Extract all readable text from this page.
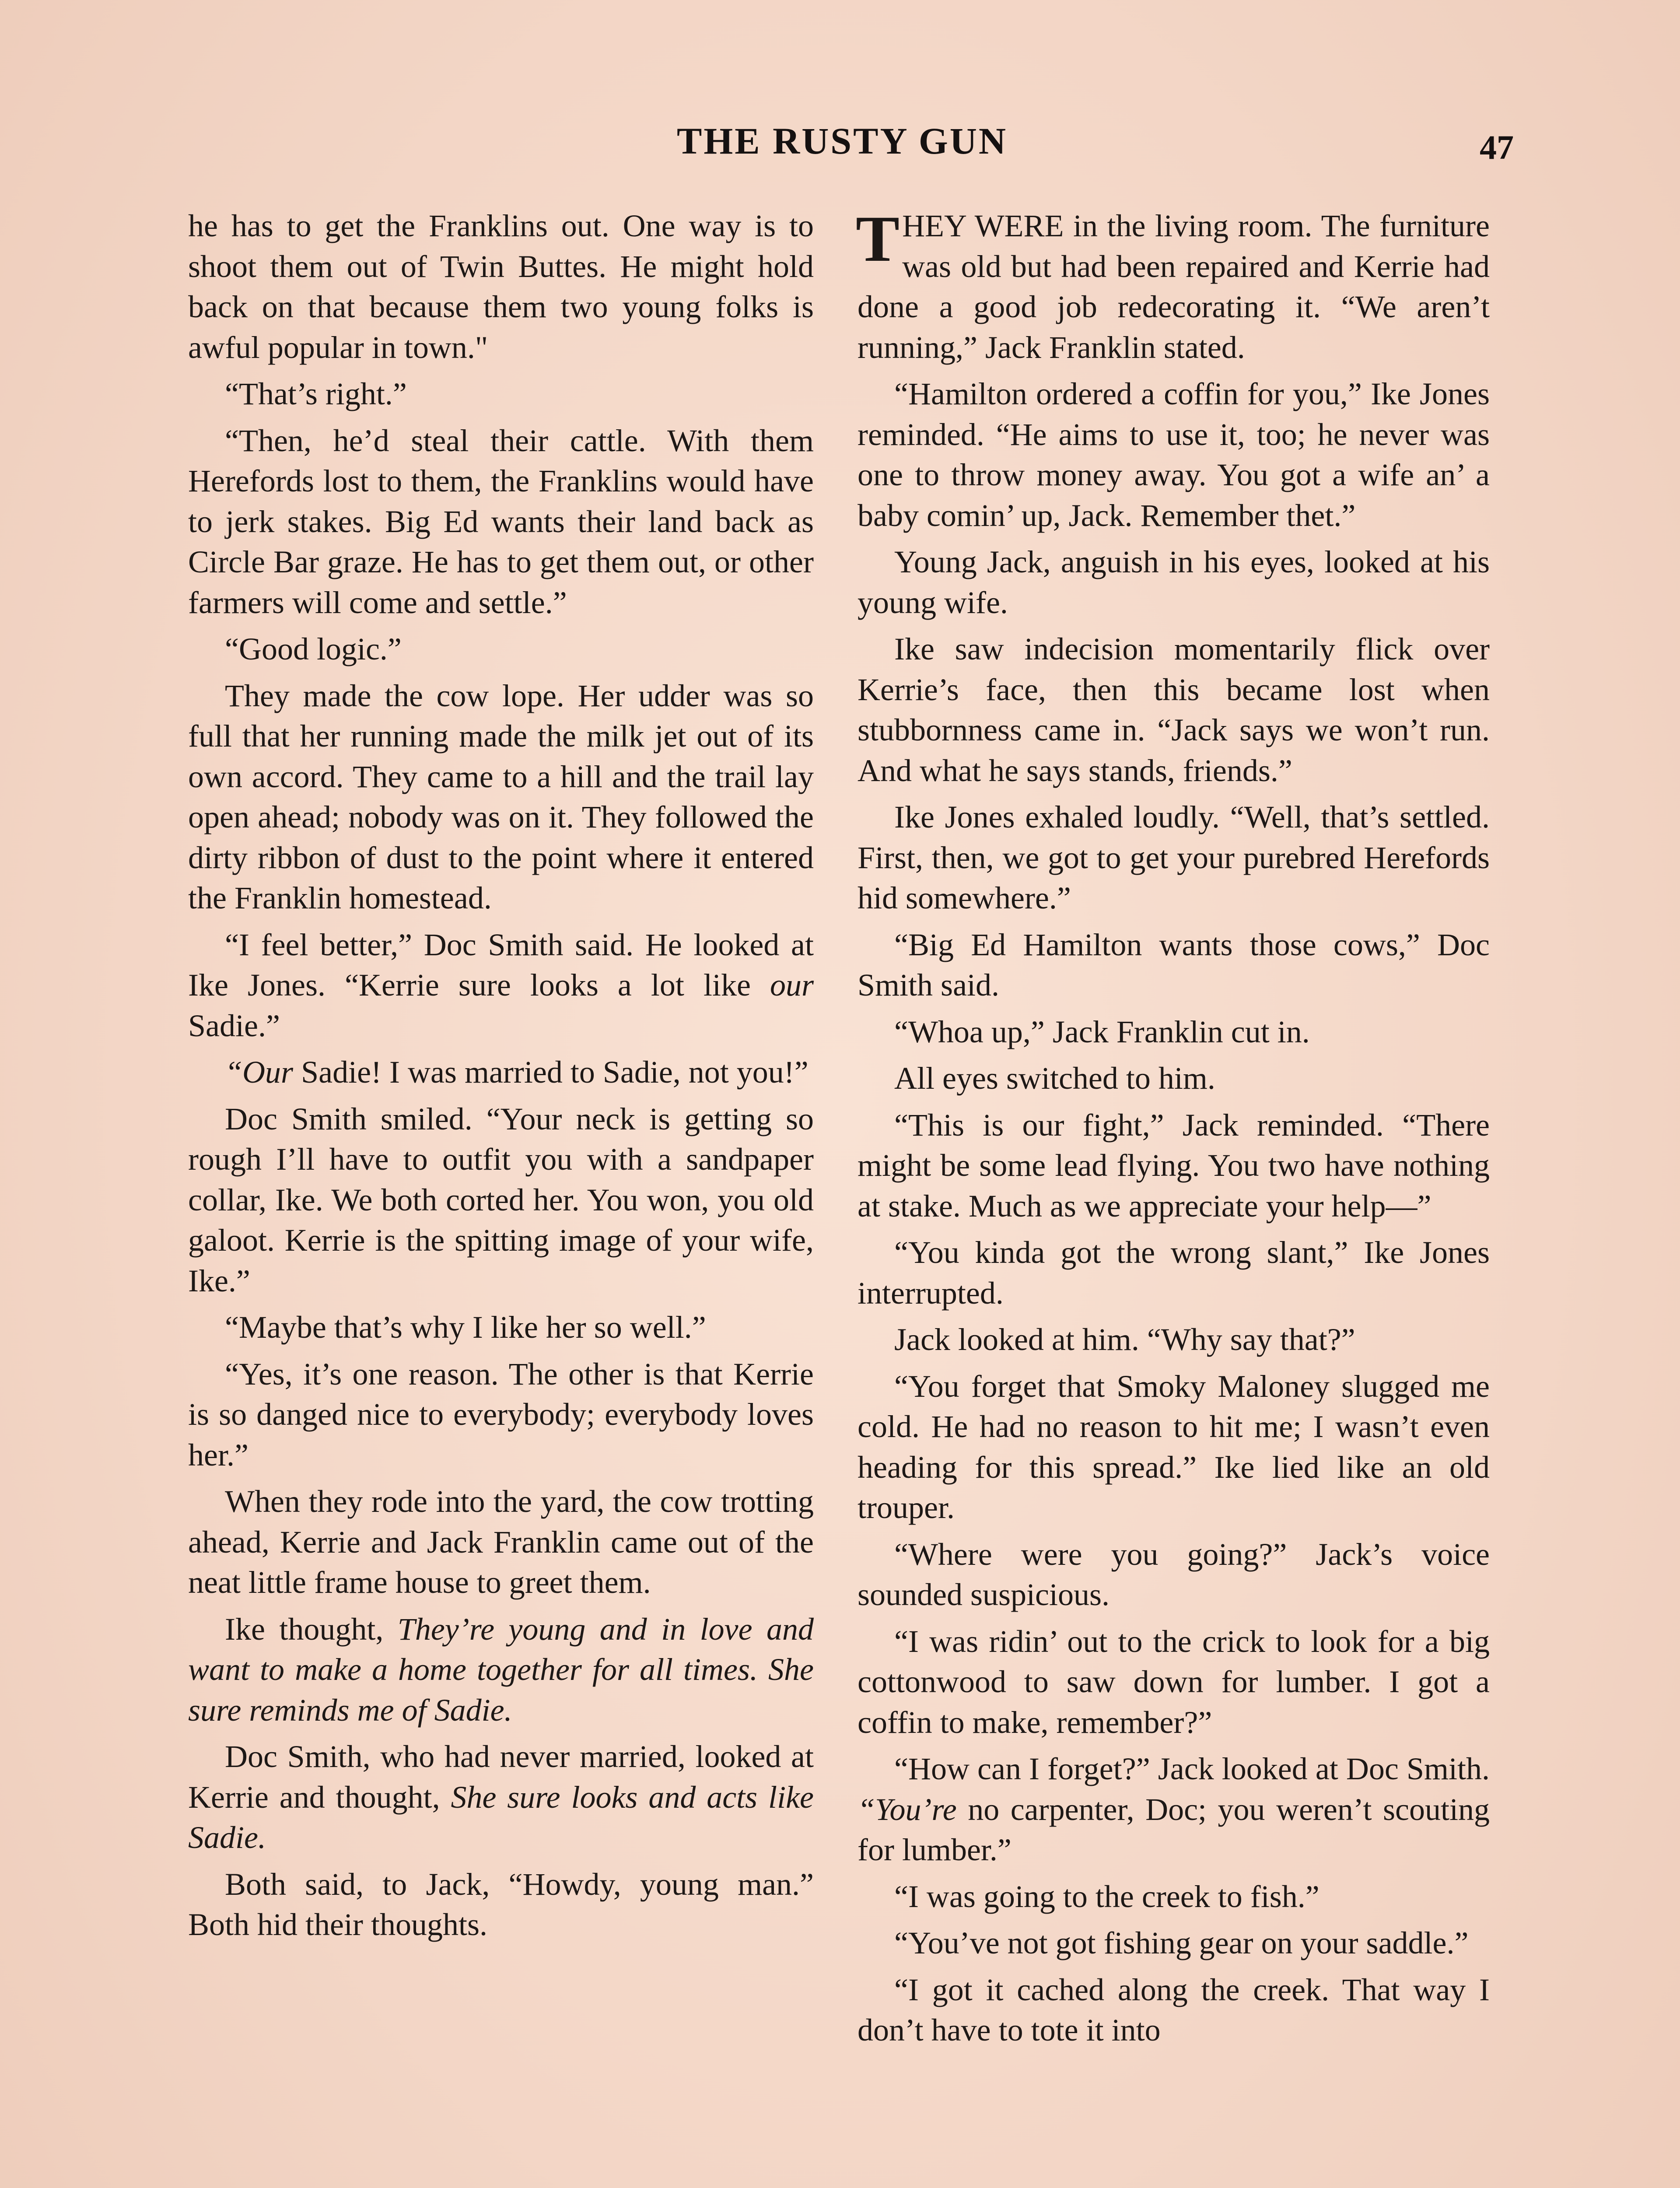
THE RUSTY GUN	47

he has to get the Franklins out. One way is to shoot them out of Twin Buttes. He might hold back on that because them two young folks is awful popular in town."

“That’s right.”

“Then, he’d steal their cattle. With them Herefords lost to them, the Franklins would have to jerk stakes. Big Ed wants their land back as Circle Bar graze. He has to get them out, or other farmers will come and settle.”

“Good logic.”

They made the cow lope. Her udder was so full that her running made the milk jet out of its own accord. They came to a hill and the trail lay open ahead; nobody was on it. They followed the dirty ribbon of dust to the point where it entered the Franklin homestead.

“I feel better,” Doc Smith said. He looked at Ike Jones. “Kerrie sure looks a lot like our Sadie.”

“Our Sadie! I was married to Sadie, not you!”

Doc Smith smiled. “Your neck is getting so rough I’ll have to outfit you with a sandpaper collar, Ike. We both corted her. You won, you old galoot. Kerrie is the spitting image of your wife, Ike.”

“Maybe that’s why I like her so well.”

“Yes, it’s one reason. The other is that Kerrie is so danged nice to everybody; everybody loves her.”

When they rode into the yard, the cow trotting ahead, Kerrie and Jack Franklin came out of the neat little frame house to greet them.

Ike thought, They’re young and in love and want to make a home together for all times. She sure reminds me of Sadie.

Doc Smith, who had never married, looked at Kerrie and thought, She sure looks and acts like Sadie.

Both said, to Jack, “Howdy, young man.” Both hid their thoughts.

THEY WERE in the living room. The furniture was old but had been repaired and Kerrie had done a good job redecorating it. “We aren’t running,” Jack Franklin stated.

“Hamilton ordered a coffin for you,” Ike Jones reminded. “He aims to use it, too; he never was one to throw money away. You got a wife an’ a baby comin’ up, Jack. Remember thet.”

Young Jack, anguish in his eyes, looked at his young wife.

Ike saw indecision momentarily flick over Kerrie’s face, then this became lost when stubbornness came in. “Jack says we won’t run. And what he says stands, friends.”

Ike Jones exhaled loudly. “Well, that’s settled. First, then, we got to get your purebred Herefords hid somewhere.”

“Big Ed Hamilton wants those cows,” Doc Smith said.

“Whoa up,” Jack Franklin cut in.

All eyes switched to him.

“This is our fight,” Jack reminded. “There might be some lead flying. You two have nothing at stake. Much as we appreciate your help—”

“You kinda got the wrong slant,” Ike Jones interrupted.

Jack looked at him. “Why say that?”

“You forget that Smoky Maloney slugged me cold. He had no reason to hit me; I wasn’t even heading for this spread.” Ike lied like an old trouper.

“Where were you going?” Jack’s voice sounded suspicious.

“I was ridin’ out to the crick to look for a big cottonwood to saw down for lumber. I got a coffin to make, remember?”

“How can I forget?” Jack looked at Doc Smith. “You’re no carpenter, Doc; you weren’t scouting for lumber.”

“I was going to the creek to fish.”

“You’ve not got fishing gear on your saddle.”

“I got it cached along the creek. That way I don’t have to tote it into
